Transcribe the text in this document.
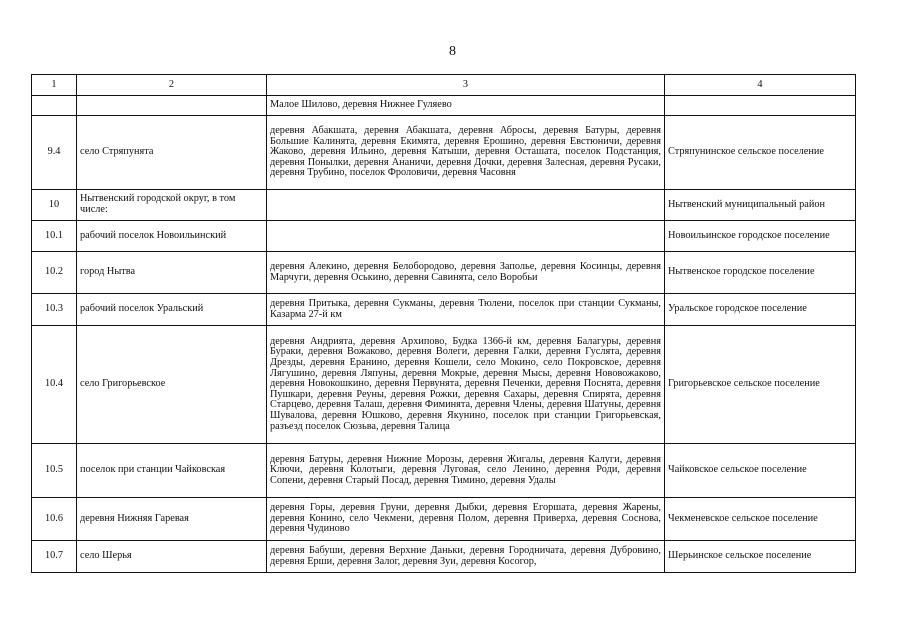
8
1	2	3	4
		Малое Шилово, деревня Нижнее Гуляево	
9.4	село Стряпунята	деревня Абакшата, деревня Абакшата, деревня Абросы, деревня Батуры, деревня Большие Калинята, деревня Екимята, деревня Ерошино, деревня Евстюничи, деревня Жаково, деревня Ильино, деревня Катыши, деревня Осташата, поселок Подстанция, деревня Понылки, деревня Ананичи, деревня Дочки, деревня Залесная, деревня Русаки, деревня Трубино, поселок Фроловичи, деревня Часовня	Стряпунинское сельское поселение
10	Нытвенский городской округ, в том числе:		Нытвенский муниципальный район
10.1	рабочий поселок Новоильинский		Новоильинское городское поселение
10.2	город Нытва	деревня Алекино, деревня Белобородово, деревня Заполье, деревня Косинцы, деревня Марчуги, деревня Оськино, деревня Савинята, село Воробьи	Нытвенское городское поселение
10.3	рабочий поселок Уральский	деревня Притыка, деревня Сукманы, деревня Тюлени, поселок при станции Сукманы, Казарма 27-й км	Уральское городское поселение
10.4	село Григорьевское	деревня Андрията, деревня Архипово, Будка 1366-й км, деревня Балагуры, деревня Бураки, деревня Вожаково, деревня Волеги, деревня Галки, деревня Гуслята, деревня Дрезды, деревня Еранино, деревня Кошели, село Мокино, село Покровское, деревня Лягушино, деревня Ляпуны, деревня Мокрые, деревня Мысы, деревня Нововожаково, деревня Новокошкино, деревня Первунята, деревня Печенки, деревня Поснята, деревня Пушкари, деревня Реуны, деревня Рожки, деревня Сахары, деревня Спирята, деревня Старцево, деревня Талаш, деревня Фиминята, деревня Члены, деревня Шатуны, деревня Шувалова, деревня Юшково, деревня Якунино, поселок при станции Григорьевская, разъезд поселок Сюзьва, деревня Талица	Григорьевское сельское поселение
10.5	поселок при станции Чайковская	деревня Батуры, деревня Нижние Морозы, деревня Жигалы, деревня Калуги, деревня Ключи, деревня Колотыги, деревня Луговая, село Ленино, деревня Роди, деревня Сопени, деревня Старый Посад, деревня Тимино, деревня Удалы	Чайковское сельское поселение
10.6	деревня Нижняя Гаревая	деревня Горы, деревня Груни, деревня Дыбки, деревня Егоршата, деревня Жарены, деревня Конино, село Чекмени, деревня Полом, деревня Приверха, деревня Соснова, деревня Чудиново	Чекменевское сельское поселение
10.7	село Шерья	деревня Бабуши, деревня Верхние Даньки, деревня Городничата, деревня Дубровино, деревня Ерши, деревня Залог, деревня Зуи, деревня Косогор,	Шерьинское сельское поселение
